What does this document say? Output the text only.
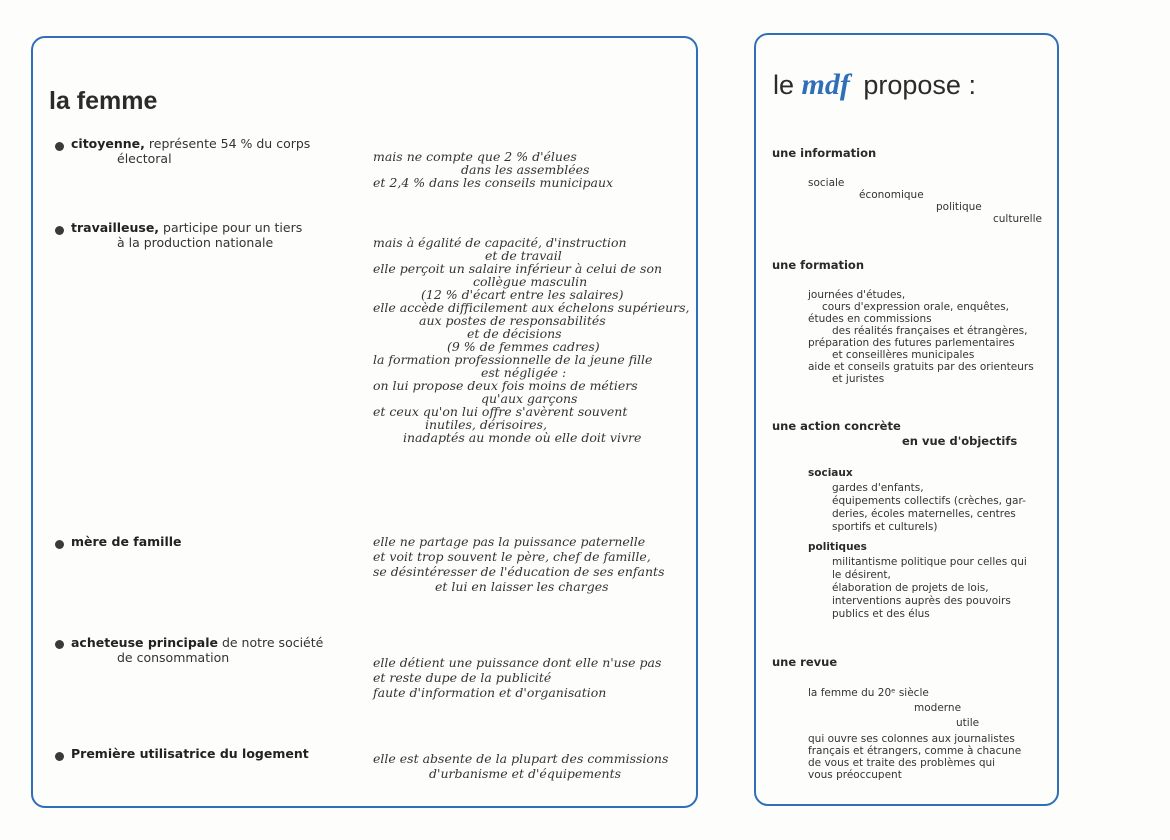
la femme
citoyenne, représente 54 % du corps
électoral	mais ne compte que 2 % d'élues
dans les assemblées
et 2,4 % dans les conseils municipaux
travailleuse, participe pour un tiers
à la production nationale	mais à égalité de capacité, d'instruction
et de travail
elle perçoit un salaire inférieur à celui de son
collègue masculin
(12 % d'écart entre les salaires)
elle accède difficilement aux échelons supérieurs,
aux postes de responsabilités
et de décisions
(9 % de femmes cadres)
la formation professionnelle de la jeune fille
est négligée :
on lui propose deux fois moins de métiers
qu'aux garçons
et ceux qu'on lui offre s'avèrent souvent
inutiles, dérisoires,
inadaptés au monde où elle doit vivre
mère de famille	elle ne partage pas la puissance paternelle
et voit trop souvent le père, chef de famille,
se désintéresser de l'éducation de ses enfants
et lui en laisser les charges
acheteuse principale de notre société
de consommation	elle détient une puissance dont elle n'use pas
et reste dupe de la publicité
faute d'information et d'organisation
Première utilisatrice du logement	elle est absente de la plupart des commissions
d'urbanisme et d'équipements
le mdf propose :
une information
sociale
économique
politique
culturelle
une formation
journées d'études,
cours d'expression orale, enquêtes,
études en commissions
des réalités françaises et étrangères,
préparation des futures parlementaires
et conseillères municipales
aide et conseils gratuits par des orienteurs
et juristes
une action concrète
en vue d'objectifs
sociaux
gardes d'enfants,
équipements collectifs (crèches, gar-
deries, écoles maternelles, centres
sportifs et culturels)
politiques
militantisme politique pour celles qui
le désirent,
élaboration de projets de lois,
interventions auprès des pouvoirs
publics et des élus
une revue
la femme du 20ᵉ siècle
moderne
utile
qui ouvre ses colonnes aux journalistes
français et étrangers, comme à chacune
de vous et traite des problèmes qui
vous préoccupent
